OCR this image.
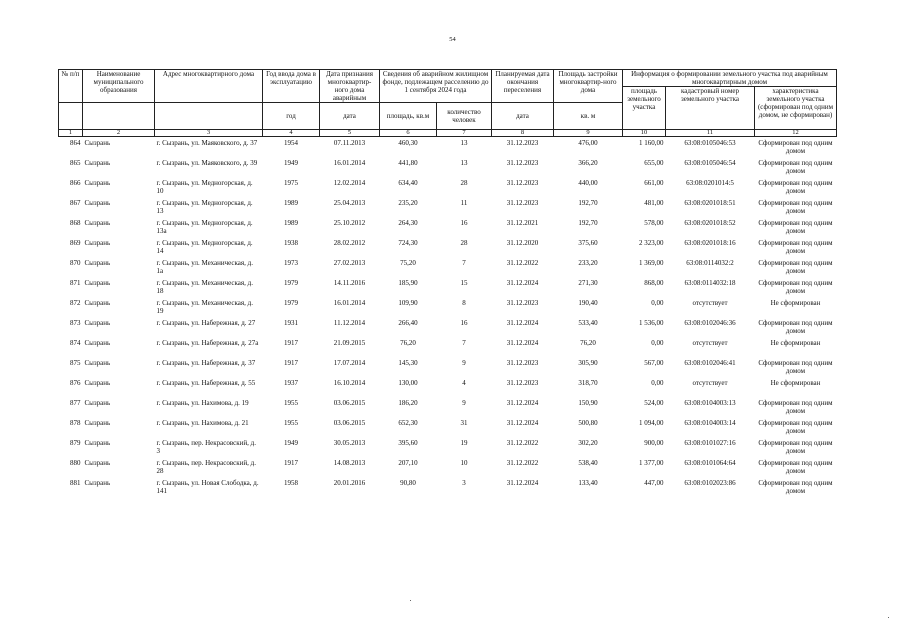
54
№ п/п	Наименование муниципального образования	Адрес многоквартирного дома	Год ввода дома в эксплуатацию	Дата признания многоквартир-ного дома аварийным	Сведения об аварийном жилищном фонде, подлежащем расселению до 1 сентября 2024 года		Планируемая дата окончания переселения	Площадь застройки многоквартир-ного дома	Информация о формировании земельного участка под аварийным многоквартирным домом		
									площадь земельного участка	кадастровый номер земельного участка	характеристика земельного участка (сформирован под одним домом, не сформирован)
			год	дата	площадь, кв.м	количество человек	дата	кв. м			
1	2	3	4	5	6	7	8	9	10	11	12
864	Сызрань	г. Сызрань, ул. Маяковского, д. 37	1954	07.11.2013	460,30	13	31.12.2023	476,00	1 160,00	63:08:0105046:53	Сформирован под одним домом
865	Сызрань	г. Сызрань, ул. Маяковского, д. 39	1949	16.01.2014	441,80	13	31.12.2023	366,20	655,00	63:08:0105046:54	Сформирован под одним домом
866	Сызрань	г. Сызрань, ул. Медногорская, д. 10	1975	12.02.2014	634,40	28	31.12.2023	440,00	661,00	63:08:0201014:5	Сформирован под одним домом
867	Сызрань	г. Сызрань, ул. Медногорская, д. 13	1989	25.04.2013	235,20	11	31.12.2023	192,70	481,00	63:08:0201018:51	Сформирован под одним домом
868	Сызрань	г. Сызрань, ул. Медногорская, д. 13а	1989	25.10.2012	264,30	16	31.12.2021	192,70	578,00	63:08:0201018:52	Сформирован под одним домом
869	Сызрань	г. Сызрань, ул. Медногорская, д. 14	1938	28.02.2012	724,30	28	31.12.2020	375,60	2 323,00	63:08:0201018:16	Сформирован под одним домом
870	Сызрань	г. Сызрань, ул. Механическая, д. 1а	1973	27.02.2013	75,20	7	31.12.2022	233,20	1 369,00	63:08:0114032:2	Сформирован под одним домом
871	Сызрань	г. Сызрань, ул. Механическая, д. 18	1979	14.11.2016	185,90	15	31.12.2024	271,30	868,00	63:08:0114032:18	Сформирован под одним домом
872	Сызрань	г. Сызрань, ул. Механическая, д. 19	1979	16.01.2014	109,90	8	31.12.2023	190,40	0,00	отсутствует	Не сформирован
873	Сызрань	г. Сызрань, ул. Набережная, д. 27	1931	11.12.2014	266,40	16	31.12.2024	533,40	1 536,00	63:08:0102046:36	Сформирован под одним домом
874	Сызрань	г. Сызрань, ул. Набережная, д. 27а	1917	21.09.2015	76,20	7	31.12.2024	76,20	0,00	отсутствует	Не сформирован
875	Сызрань	г. Сызрань, ул. Набережная, д. 37	1917	17.07.2014	145,30	9	31.12.2023	305,90	567,00	63:08:0102046:41	Сформирован под одним домом
876	Сызрань	г. Сызрань, ул. Набережная, д. 55	1937	16.10.2014	130,00	4	31.12.2023	318,70	0,00	отсутствует	Не сформирован
877	Сызрань	г. Сызрань, ул. Нахимова, д. 19	1955	03.06.2015	186,20	9	31.12.2024	150,90	524,00	63:08:0104003:13	Сформирован под одним домом
878	Сызрань	г. Сызрань, ул. Нахимова, д. 21	1955	03.06.2015	652,30	31	31.12.2024	500,80	1 094,00	63:08:0104003:14	Сформирован под одним домом
879	Сызрань	г. Сызрань, пер. Некрасовский, д. 3	1949	30.05.2013	395,60	19	31.12.2022	302,20	900,00	63:08:0101027:16	Сформирован под одним домом
880	Сызрань	г. Сызрань, пер. Некрасовский, д. 28	1917	14.08.2013	207,10	10	31.12.2022	538,40	1 377,00	63:08:0101064:64	Сформирован под одним домом
881	Сызрань	г. Сызрань, ул. Новая Слободка, д. 141	1958	20.01.2016	90,80	3	31.12.2024	133,40	447,00	63:08:0102023:86	Сформирован под одним домом
